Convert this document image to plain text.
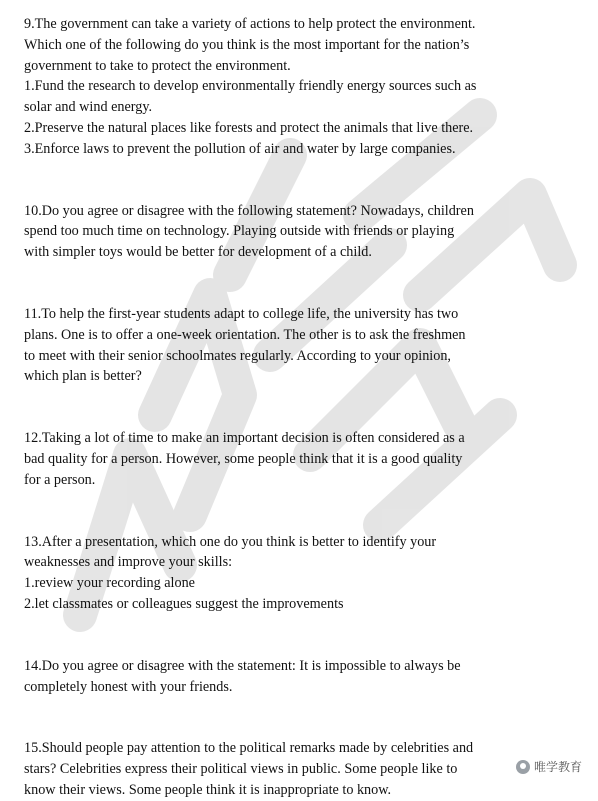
9.The government can take a variety of actions to help protect the environment.
Which one of the following do you think is the most important for the nation’s
government to take to protect the environment.
1.Fund the research to develop environmentally friendly energy sources such as
solar and wind energy.
2.Preserve the natural places like forests and protect the animals that live there.
3.Enforce laws to prevent the pollution of air and water by large companies.
10.Do you agree or disagree with the following statement? Nowadays, children
spend too much time on technology. Playing outside with friends or playing
with simpler toys would be better for development of a child.
11.To help the first-year students adapt to college life, the university has two
plans. One is to offer a one-week orientation. The other is to ask the freshmen
to meet with their senior schoolmates regularly. According to your opinion,
which plan is better?
12.Taking a lot of time to make an important decision is often considered as a
bad quality for a person. However, some people think that it is a good quality
for a person.
13.After a presentation, which one do you think is better to identify your
weaknesses and improve your skills:
1.review your recording alone
2.let classmates or colleagues suggest the improvements
14.Do you agree or disagree with the statement: It is impossible to always be
completely honest with your friends.
15.Should people pay attention to the political remarks made by celebrities and
stars? Celebrities express their political views in public. Some people like to
know their views. Some people think it is inappropriate to know.
唯学教育
